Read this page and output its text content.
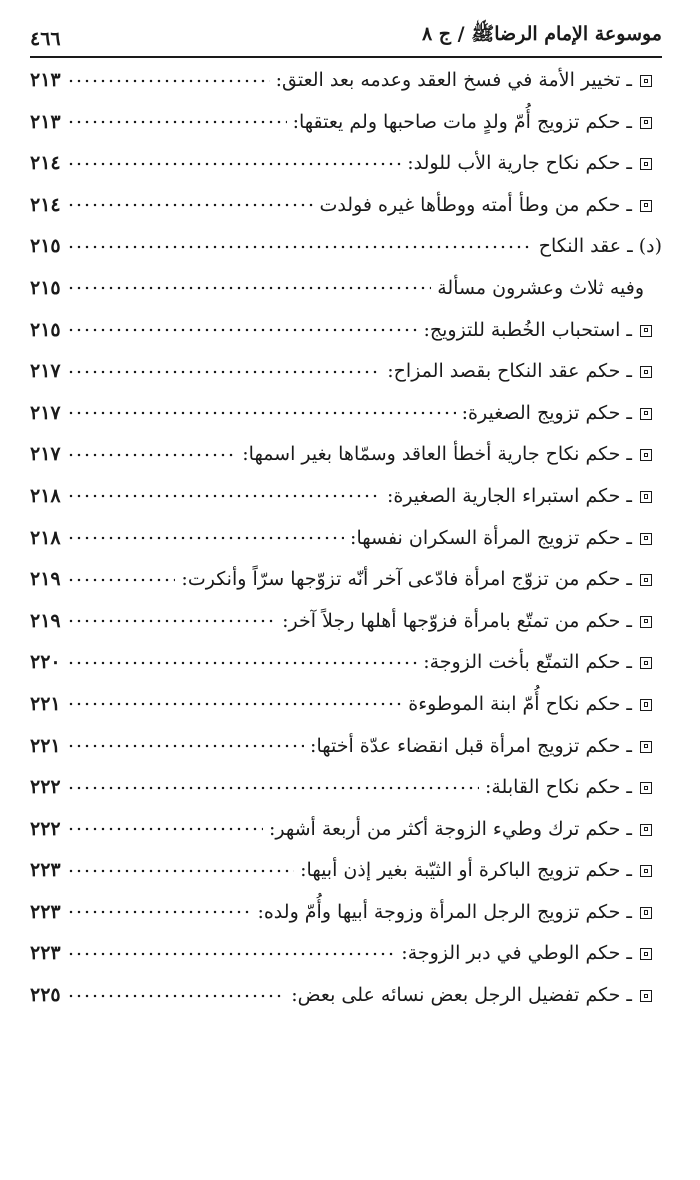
موسوعة الإمام الرضاﷺ / ج ٨
٤٦٦
ـ تخيير الأمة في فسخ العقد وعدمه بعد العتق:
٢١٣
ـ حكم تزويج أُمّ ولدٍ مات صاحبها ولم يعتقها:
٢١٣
ـ حكم نكاح جارية الأب للولد:
٢١٤
ـ حكم من وطأ أمته ووطأها غيره فولدت
٢١٤
(د) ـ عقد النكاح
٢١٥
وفيه ثلاث وعشرون مسألة
٢١٥
ـ استحباب الخُطبة للتزويج:
٢١٥
ـ حكم عقد النكاح بقصد المزاح:
٢١٧
ـ حكم تزويج الصغيرة:
٢١٧
ـ حكم نكاح جارية أخطأ العاقد وسمّاها بغير اسمها:
٢١٧
ـ حكم استبراء الجارية الصغيرة:
٢١٨
ـ حكم تزويج المرأة السكران نفسها:
٢١٨
ـ حكم من تزوّج امرأة فادّعى آخر أنّه تزوّجها سرّاً وأنكرت:
٢١٩
ـ حكم من تمتّع بامرأة فزوّجها أهلها رجلاً آخر:
٢١٩
ـ حكم التمتّع بأخت الزوجة:
٢٢٠
ـ حكم نكاح أُمّ ابنة الموطوءة
٢٢١
ـ حكم تزويج امرأة قبل انقضاء عدّة أختها:
٢٢١
ـ حكم نكاح القابلة:
٢٢٢
ـ حكم ترك وطيء الزوجة أكثر من أربعة أشهر:
٢٢٢
ـ حكم تزويج الباكرة أو الثيّبة بغير إذن أبيها:
٢٢٣
ـ حكم تزويج الرجل المرأة وزوجة أبيها وأُمّ ولده:
٢٢٣
ـ حكم الوطي في دبر الزوجة:
٢٢٣
ـ حكم تفضيل الرجل بعض نسائه على بعض:
٢٢٥
